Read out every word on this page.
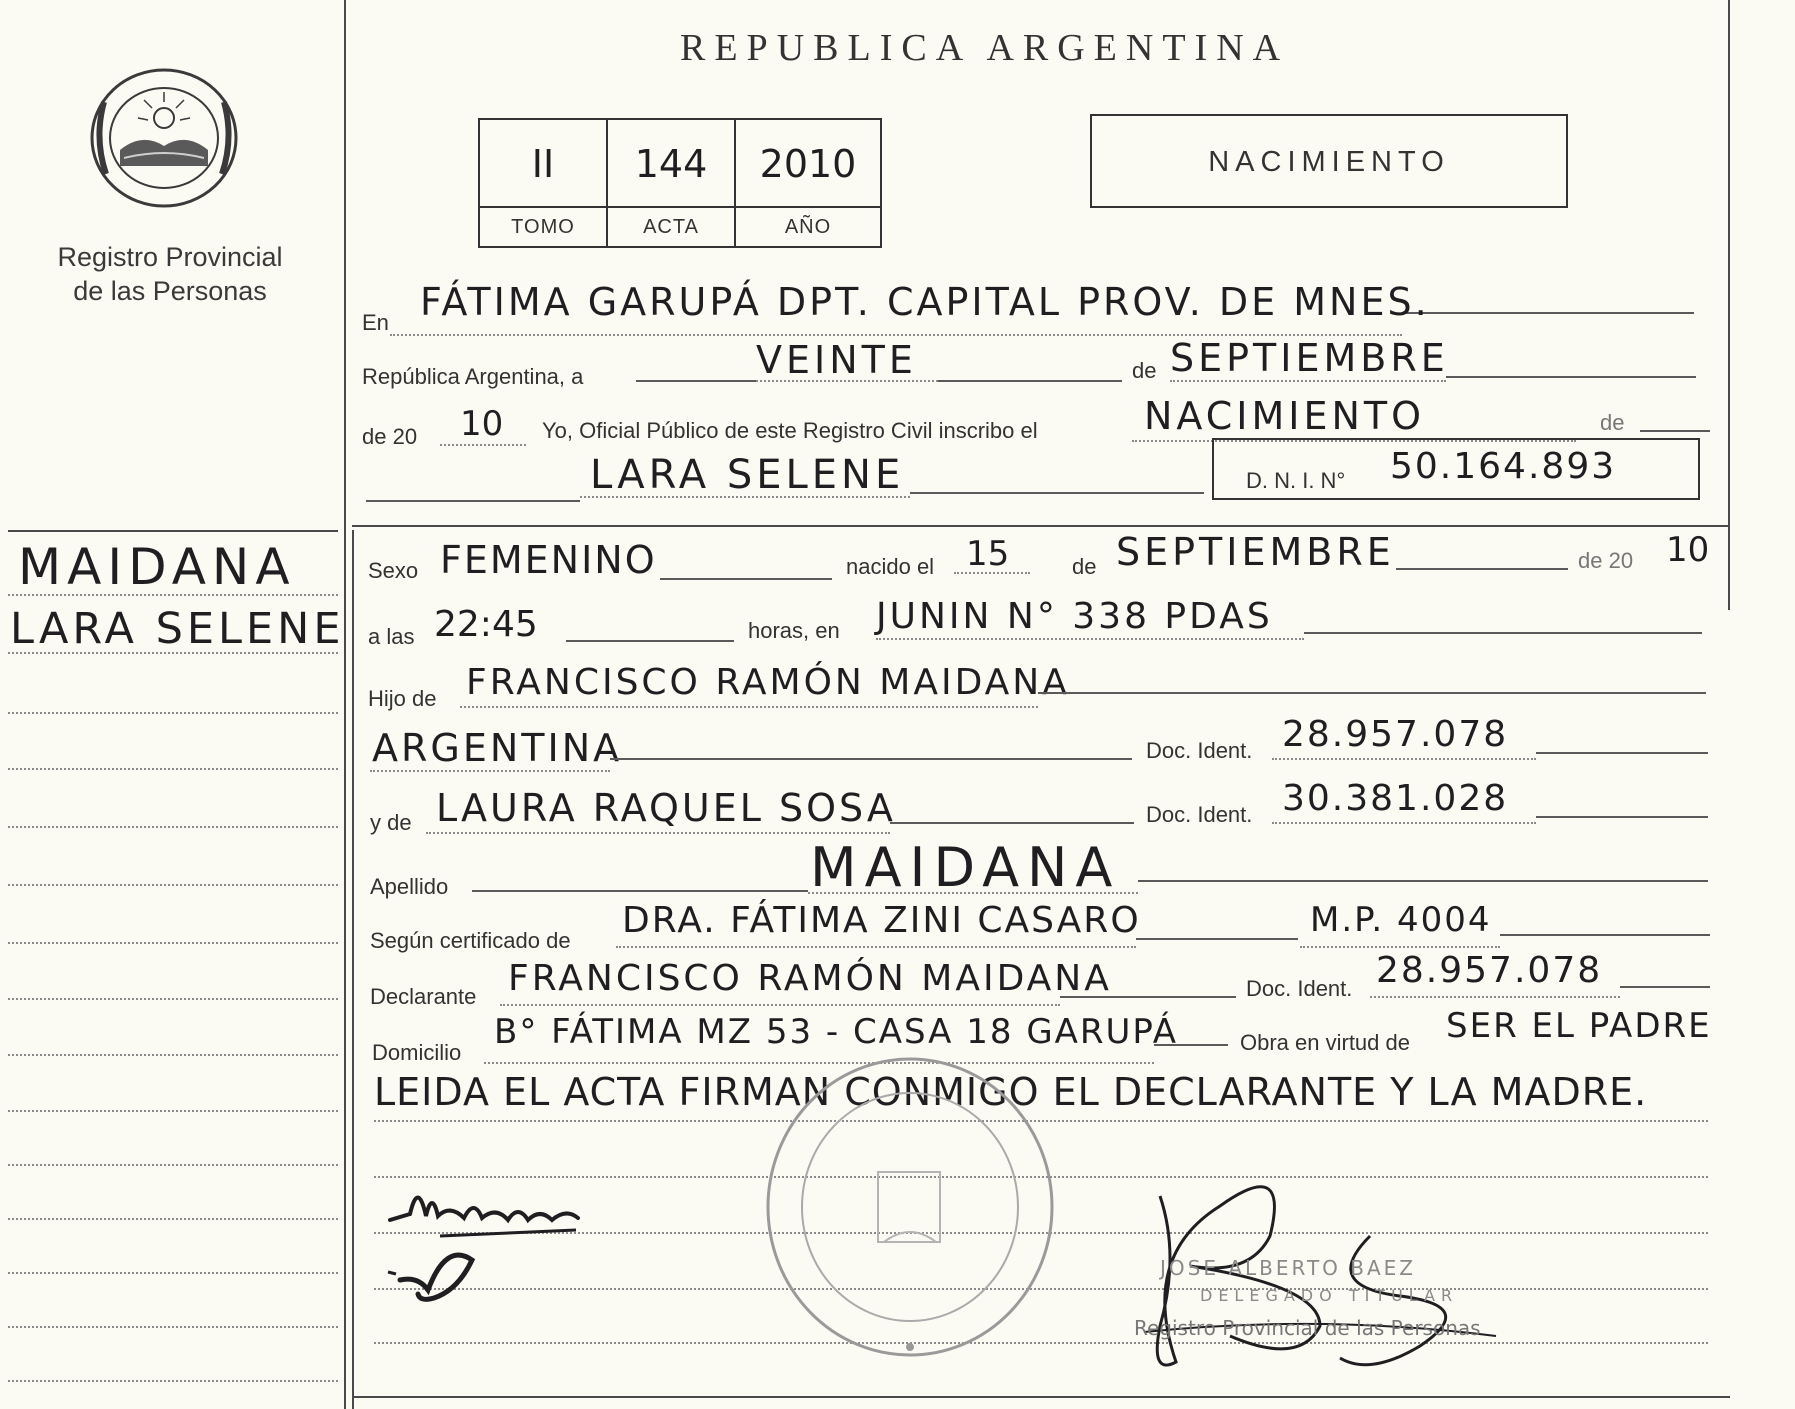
Registro Provincial
de las Personas
MAIDANA
LARA SELENE
REPUBLICA ARGENTINA
II	144	2010
TOMO	ACTA	AÑO
NACIMIENTO
En FÁTIMA GARUPÁ DPT. CAPITAL PROV. DE MNES.
República Argentina, a	VEINTE	de SEPTIEMBRE
de 20 10 Yo, Oficial Público de este Registro Civil inscribo el	NACIMIENTO	de
LARA SELENE	D. N. I. N° 50.164.893
Sexo FEMENINO	nacido el 15	de SEPTIEMBRE	de 20 10
a las 22:45	horas, en JUNIN N° 338 PDAS
Hijo de FRANCISCO RAMÓN MAIDANA
ARGENTINA	Doc. Ident. 28.957.078
y de LAURA RAQUEL SOSA	Doc. Ident. 30.381.028
Apellido	MAIDANA
Según certificado de DRA. FÁTIMA ZINI CASARO	M.P. 4004
Declarante FRANCISCO RAMÓN MAIDANA	Doc. Ident. 28.957.078
Domicilio
B° FÁTIMA MZ 53 - CASA 18 GARUPÁ	Obra en virtud de SER EL PADRE
LEIDA EL ACTA FIRMAN CONMIGO EL DECLARANTE Y LA MADRE.
JOSE ALBERTO BAEZ
DELEGADO TITULAR
Registro Provincial de las Personas
